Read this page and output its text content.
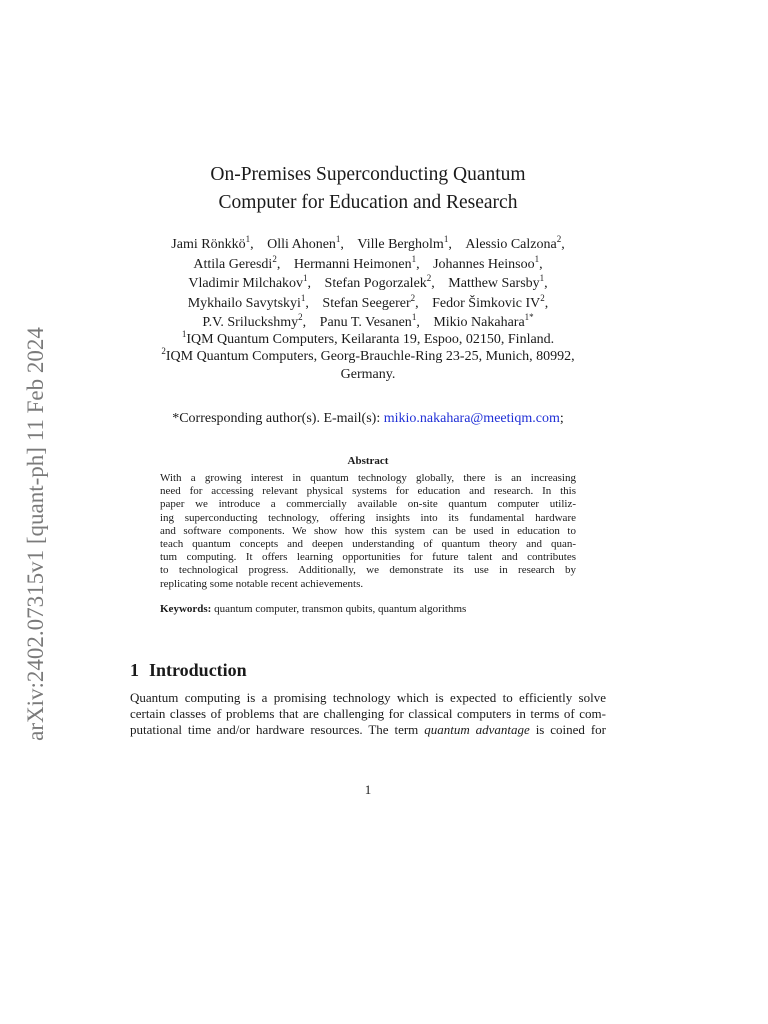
arXiv:2402.07315v1 [quant-ph] 11 Feb 2024
On-Premises Superconducting Quantum
Computer for Education and Research
Jami Rönkkö$^1$, Olli Ahonen$^1$, Ville Bergholm$^1$, Alessio Calzona$^2$,
Attila Geresdi$^2$, Hermanni Heimonen$^1$, Johannes Heinsoo$^1$,
Vladimir Milchakov$^1$, Stefan Pogorzalek$^2$, Matthew Sarsby$^1$,
Mykhailo Savytskyi$^1$, Stefan Seegerer$^2$, Fedor Šimkovic $IV^2$,
P.V. Sriluckshmy$^2$, Panu T. Vesanen$^1$, Mikio Nakahara$^{1*}$
$^1$IQM Quantum Computers, Keilaranta 19, Espoo, 02150, Finland.
$^2$IQM Quantum Computers, Georg-Brauchle-Ring 23-25, Munich, 80992,
Germany.
*Corresponding author(s). E-mail(s): mikio.nakahara@meetiqm.com;
Abstract
With a growing interest in quantum technology globally, there is an increasing
need for accessing relevant physical systems for education and research. In this
paper we introduce a commercially available on-site quantum computer utiliz-
ing superconducting technology, offering insights into its fundamental hardware
and software components. We show how this system can be used in education to
teach quantum concepts and deepen understanding of quantum theory and quan-
tum computing. It offers learning opportunities for future talent and contributes
to technological progress. Additionally, we demonstrate its use in research by
replicating some notable recent achievements.
Keywords: quantum computer, transmon qubits, quantum algorithms
1 Introduction
Quantum computing is a promising technology which is expected to efficiently solve
certain classes of problems that are challenging for classical computers in terms of com-
putational time and/or hardware resources. The term quantum advantage is coined for
1
